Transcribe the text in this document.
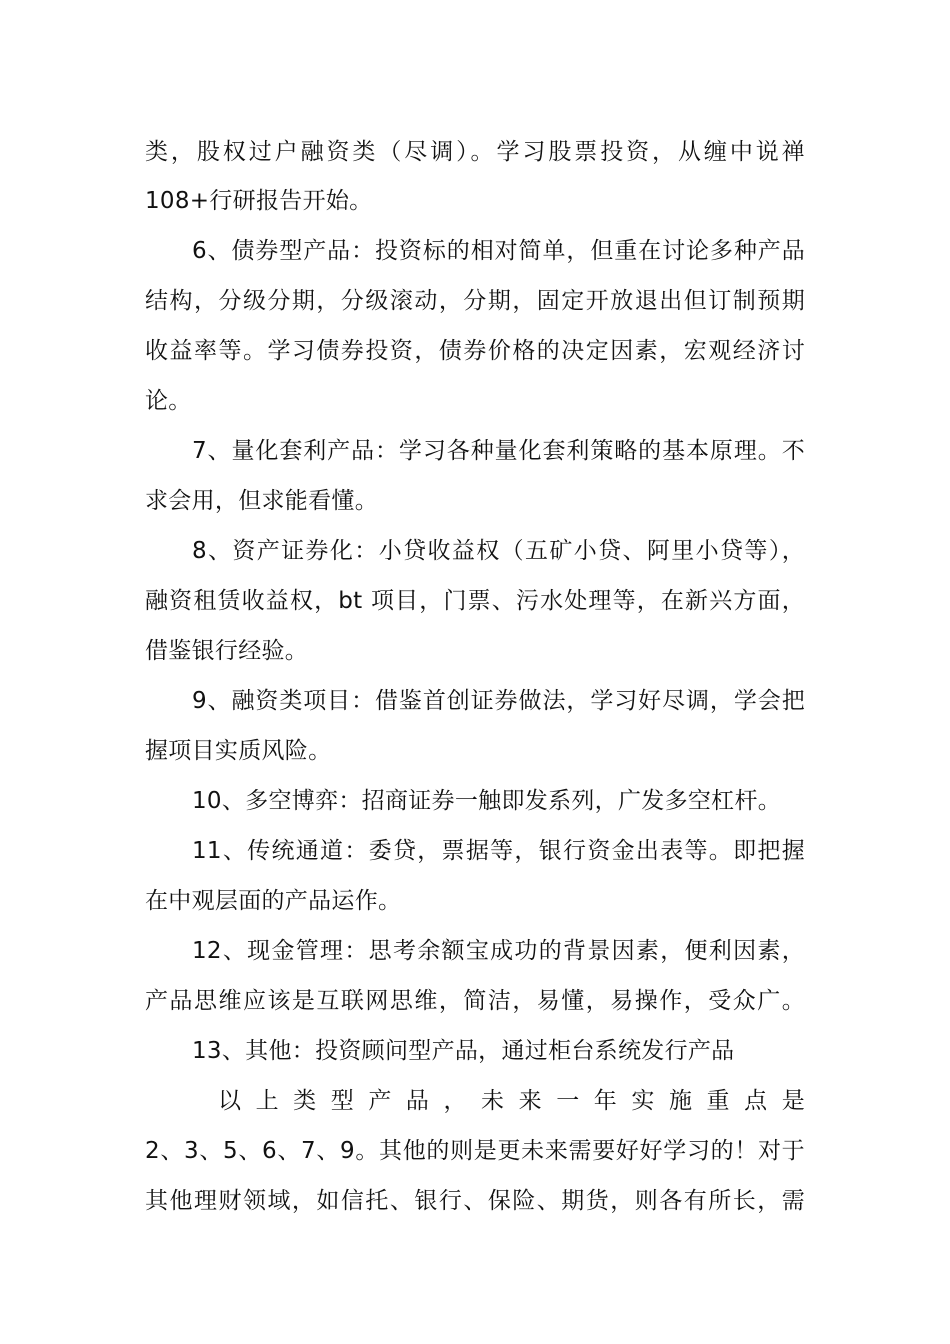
类，股权过户融资类（尽调）。学习股票投资，从缠中说禅
108+行研报告开始。
6、债券型产品：投资标的相对简单，但重在讨论多种产品
结构，分级分期，分级滚动，分期，固定开放退出但订制预期
收益率等。学习债券投资，债券价格的决定因素，宏观经济讨
论。
7、量化套利产品：学习各种量化套利策略的基本原理。不
求会用，但求能看懂。
8、资产证券化：小贷收益权（五矿小贷、阿里小贷等），
融资租赁收益权，bt 项目，门票、污水处理等，在新兴方面，
借鉴银行经验。
9、融资类项目：借鉴首创证券做法，学习好尽调，学会把
握项目实质风险。
10、多空博弈：招商证券一触即发系列，广发多空杠杆。
11、传统通道：委贷，票据等，银行资金出表等。即把握
在中观层面的产品运作。
12、现金管理：思考余额宝成功的背景因素，便利因素，
产品思维应该是互联网思维，简洁，易懂，易操作，受众广。
13、其他：投资顾问型产品，通过柜台系统发行产品
以 上 类 型 产 品 ， 未 来 一 年 实 施 重 点 是
2、3、5、6、7、9。其他的则是更未来需要好好学习的！对于
其他理财领域，如信托、银行、保险、期货，则各有所长，需
